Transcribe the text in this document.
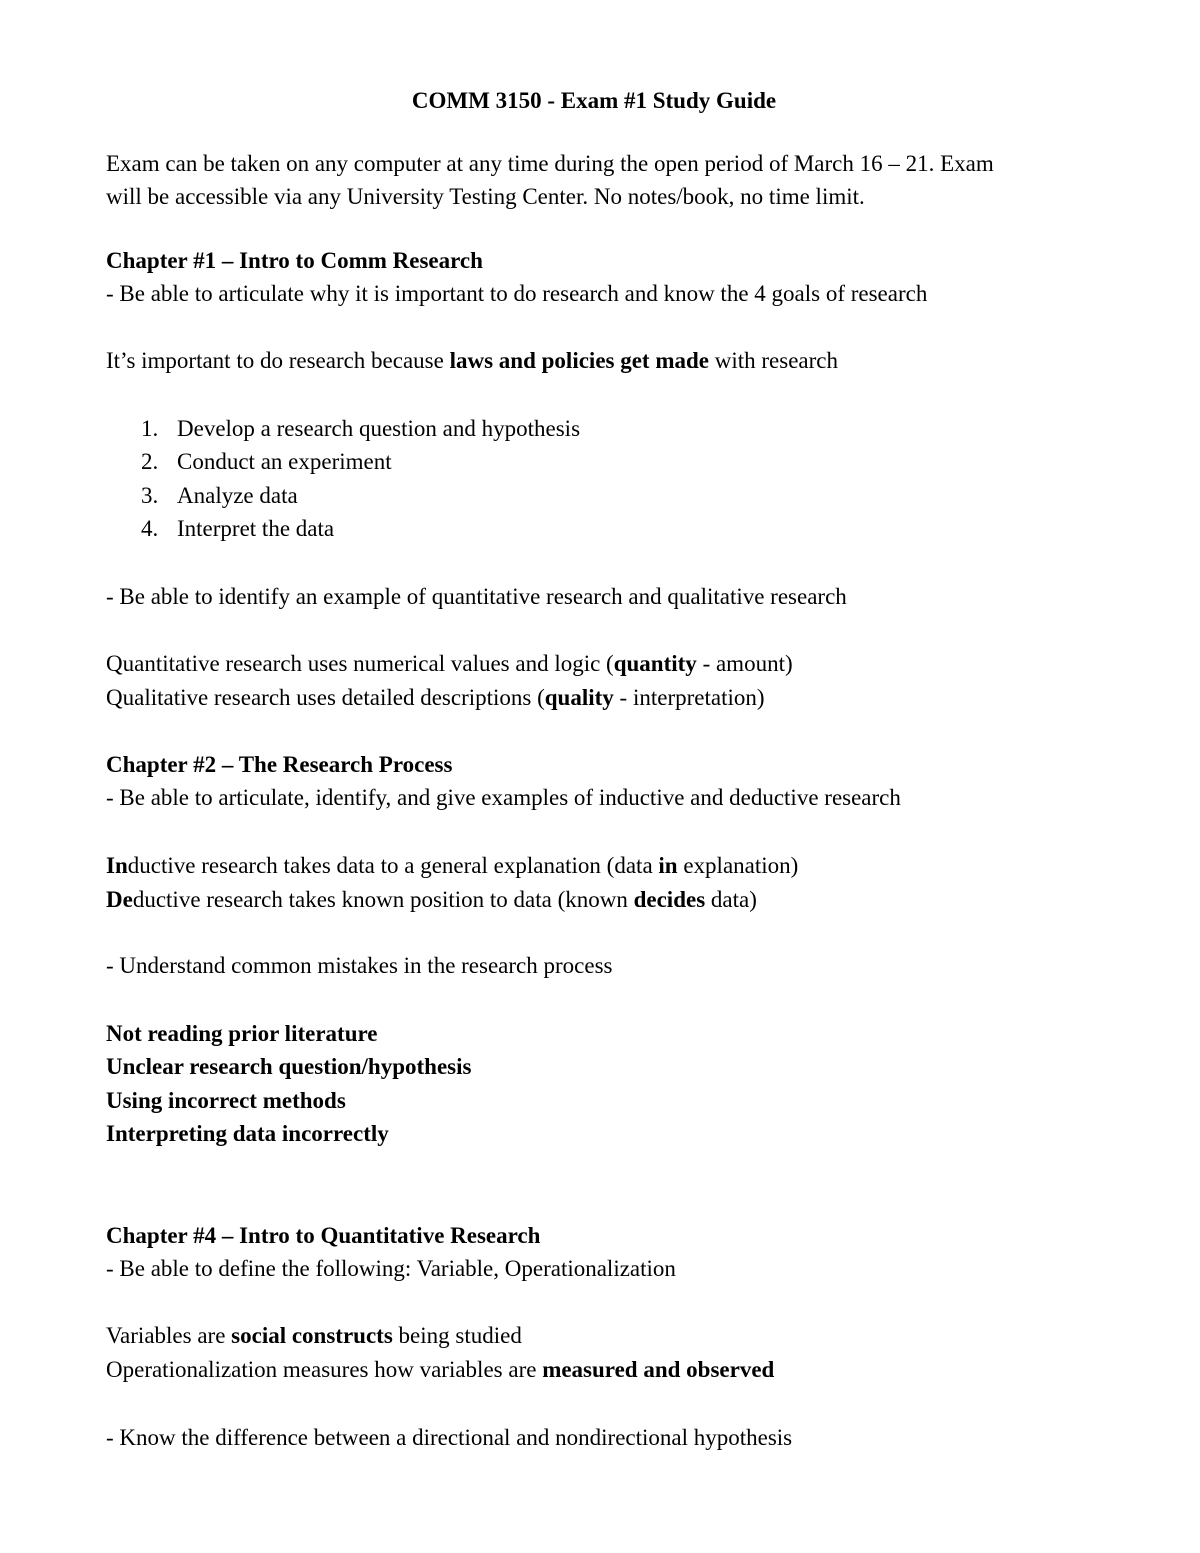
COMM 3150 - Exam #1 Study Guide
Exam can be taken on any computer at any time during the open period of March 16 – 21. Exam
will be accessible via any University Testing Center. No notes/book, no time limit.
Chapter #1 – Intro to Comm Research
- Be able to articulate why it is important to do research and know the 4 goals of research
It’s important to do research because laws and policies get made with research
1. Develop a research question and hypothesis
2. Conduct an experiment
3. Analyze data
4. Interpret the data
- Be able to identify an example of quantitative research and qualitative research
Quantitative research uses numerical values and logic (quantity - amount)
Qualitative research uses detailed descriptions (quality - interpretation)
Chapter #2 – The Research Process
- Be able to articulate, identify, and give examples of inductive and deductive research
Inductive research takes data to a general explanation (data in explanation)
Deductive research takes known position to data (known decides data)
- Understand common mistakes in the research process
Not reading prior literature
Unclear research question/hypothesis
Using incorrect methods
Interpreting data incorrectly
Chapter #4 – Intro to Quantitative Research
- Be able to define the following: Variable, Operationalization
Variables are social constructs being studied
Operationalization measures how variables are measured and observed
- Know the difference between a directional and nondirectional hypothesis
